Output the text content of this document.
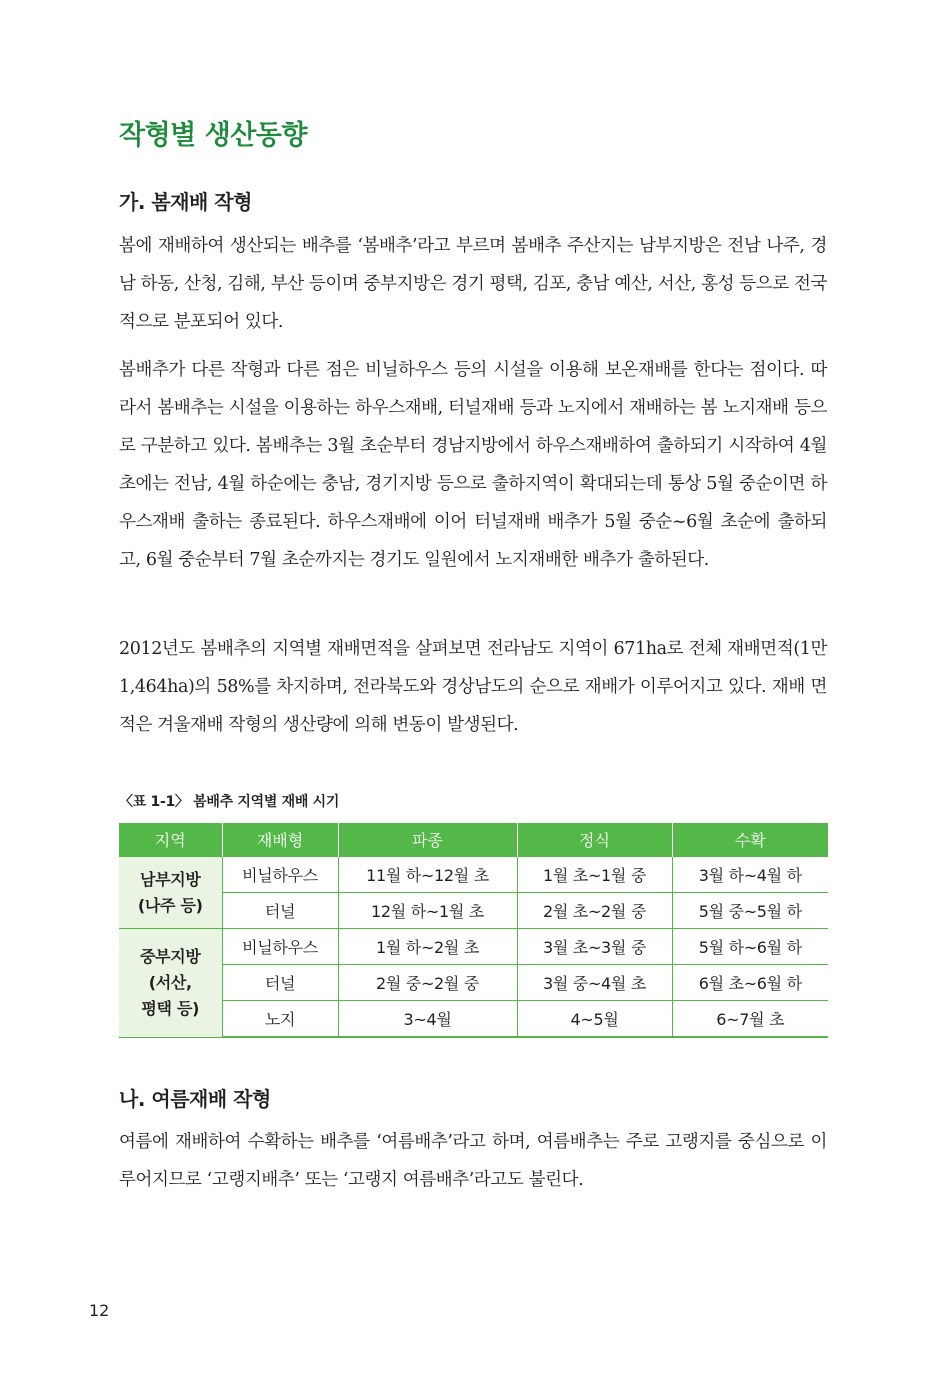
작형별 생산동향
가. 봄재배 작형

봄에 재배하여 생산되는 배추를 ‘봄배추’라고 부르며 봄배추 주산지는 남부지방은 전남 나주, 경남 하동, 산청, 김해, 부산 등이며 중부지방은 경기 평택, 김포, 충남 예산, 서산, 홍성 등으로 전국적으로 분포되어 있다.

봄배추가 다른 작형과 다른 점은 비닐하우스 등의 시설을 이용해 보온재배를 한다는 점이다. 따라서 봄배추는 시설을 이용하는 하우스재배, 터널재배 등과 노지에서 재배하는 봄 노지재배 등으로 구분하고 있다. 봄배추는 3월 초순부터 경남지방에서 하우스재배하여 출하되기 시작하여 4월 초에는 전남, 4월 하순에는 충남, 경기지방 등으로 출하지역이 확대되는데 통상 5월 중순이면 하우스재배 출하는 종료된다. 하우스재배에 이어 터널재배 배추가 5월 중순~6월 초순에 출하되고, 6월 중순부터 7월 초순까지는 경기도 일원에서 노지재배한 배추가 출하된다.

2012년도 봄배추의 지역별 재배면적을 살펴보면 전라남도 지역이 671ha로 전체 재배면적(1만1,464ha)의 58%를 차지하며, 전라북도와 경상남도의 순으로 재배가 이루어지고 있다. 재배 면적은 겨울재배 작형의 생산량에 의해 변동이 발생된다.

〈표 1-1〉 봄배추 지역별 재배 시기

지역	재배형	파종	정식	수확
남부지방
(나주 등)	비닐하우스	11월 하~12월 초	1월 초~1월 중	3월 하~4월 하
	터널	12월 하~1월 초	2월 초~2월 중	5월 중~5월 하
중부지방
(서산,
평택 등)	비닐하우스	1월 하~2월 초	3월 초~3월 중	5월 하~6월 하
	터널	2월 중~2월 중	3월 중~4월 초	6월 초~6월 하
	노지	3~4월	4~5월	6~7월 초
나. 여름재배 작형

여름에 재배하여 수확하는 배추를 ‘여름배추’라고 하며, 여름배추는 주로 고랭지를 중심으로 이루어지므로 ‘고랭지배추’ 또는 ‘고랭지 여름배추’라고도 불린다.

12
